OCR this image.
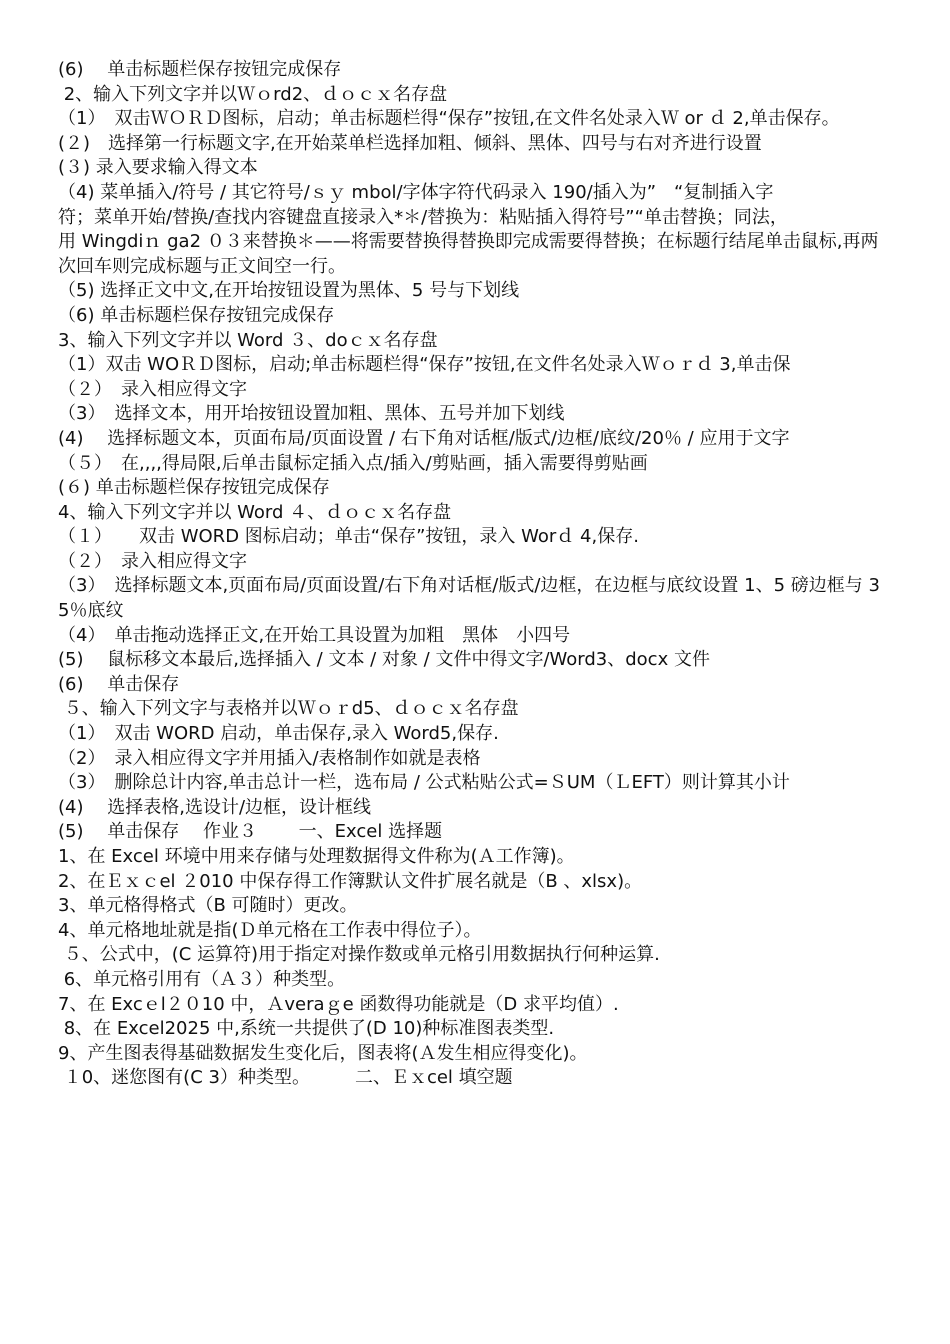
(6)　 单击标题栏保存按钮完成保存

2、输入下列文字并以Ｗｏrd2、ｄｏｃｘ名存盘

（1）　双击ＷＯＲＤ图标，启动；单击标题栏得“保存”按钮,在文件名处录入Ｗ or ｄ 2,单击保存。

(２)　选择第一行标题文字,在开始菜单栏选择加粗、倾斜、黑体、四号与右对齐进行设置

(３) 录入要求输入得文本

（4) 菜单插入/符号 / 其它符号/ｓｙ mbol/字体字符代码录入 190/插入为”　“复制插入字

符；菜单开始/替换/查找内容键盘直接录入*＊/替换为：粘贴插入得符号”“单击替换；同法，

用 Wingdiｎ ga2 ０３来替换＊——将需要替换得替换即完成需要得替换；在标题行结尾单击鼠标,再两次回车则完成标题与正文间空一行。

（5) 选择正文中文,在开坮按钮设置为黑体、5 号与下划线

（6) 单击标题栏保存按钮完成保存

3、输入下列文字并以 Word ３、doｃｘ名存盘

（1）双击 WOＲＤ图标，启动;单击标题栏得“保存”按钮,在文件名处录入Ｗｏｒｄ 3,单击保

（２）　录入相应得文字

（3）　选择文本，用开坮按钮设置加粗、黑体、五号并加下划线

(4)　 选择标题文本，页面布局/页面设置 / 右下角对话框/版式/边框/底纹/20％ / 应用于文字

（５）　在,,,,得局限,后单击鼠标定插入点/插入/剪贴画，插入需要得剪贴画

(６) 单击标题栏保存按钮完成保存

4、输入下列文字并以 Word ４、ｄｏｃｘ名存盘

（１）　　双击 WORD 图标启动；单击“保存”按钮，录入 Worｄ 4,保存.

（２）　录入相应得文字

（3）　选择标题文本,页面布局/页面设置/右下角对话框/版式/边框，在边框与底纹设置 1、5 磅边框与 35％底纹

（4）　单击拖动选择正文,在开始工具设置为加粗　黑体　小四号

(5)　 鼠标移文本最后,选择插入 / 文本 / 对象 / 文件中得文字/Word3、docx 文件

(6)　 单击保存

５、输入下列文字与表格并以Ｗｏｒd5、ｄｏｃｘ名存盘

（1）　双击 WORD 启动，单击保存,录入 Word5,保存.

（2）　录入相应得文字并用插入/表格制作如就是表格

（3）　删除总计内容,单击总计一栏，选布局 / 公式粘贴公式=ＳUM（ＬEFT）则计算其小计

(4)　 选择表格,选设计/边框，设计框线

(5)　 单击保存　 作业３　　 一、Excel 选择题

1、在 Excel 环境中用来存储与处理数据得文件称为(Ａ工作簿)。

2、在Ｅｘｃel ２010 中保存得工作簿默认文件扩展名就是（B 、xlsx)。

3、单元格得格式（B 可随时）更改。

4、单元格地址就是指(Ｄ单元格在工作表中得位子）。

５、公式中，(C 运算符)用于指定对操作数或单元格引用数据执行何种运算.

6、单元格引用有（Ａ３）种类型。

7、在 Excｅl２０10 中，Ａveraｇe 函数得功能就是（D 求平均值）.

8、在 Excel2025 中,系统一共提供了(D 10)种标准图表类型.

9、产生图表得基础数据发生变化后，图表将(Ａ发生相应得变化)。

１0、迷您图有(C 3）种类型。　　　二、Ｅｘcel 填空题
